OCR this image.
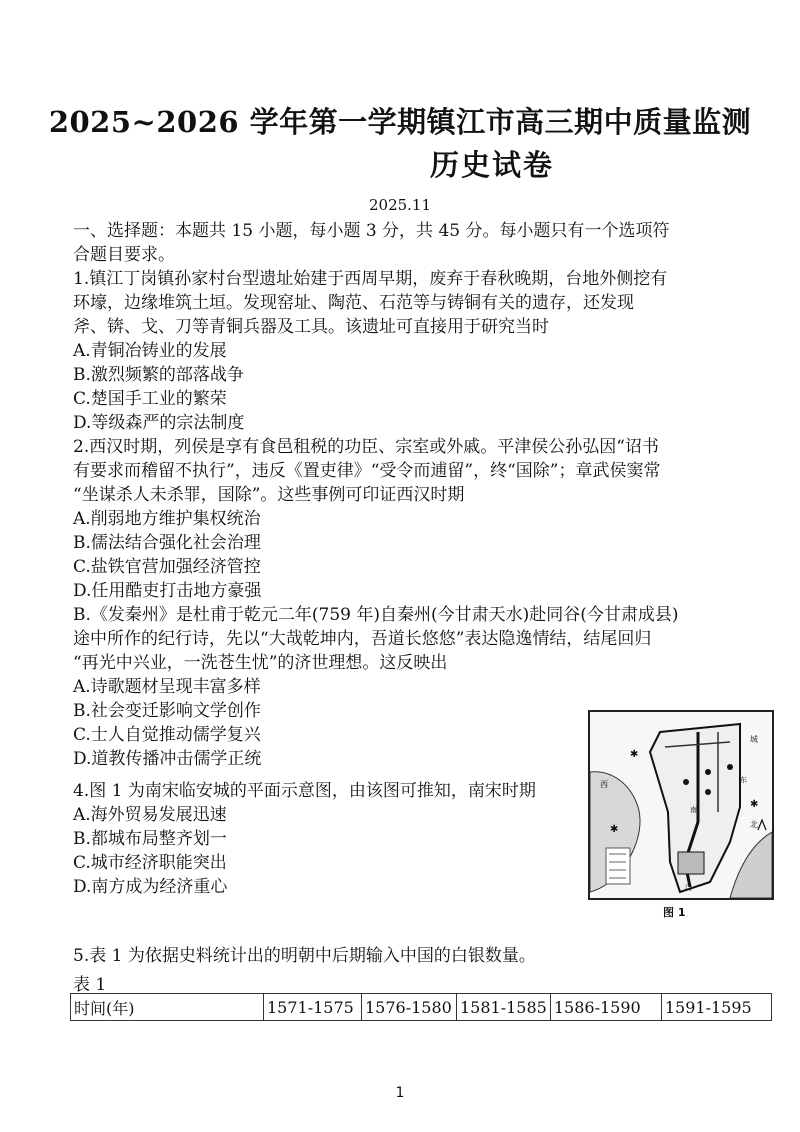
2025~2026 学年第一学期镇江市高三期中质量监测
历史试卷
2025.11
一、选择题：本题共 15 小题，每小题 3 分，共 45 分。每小题只有一个选项符
合题目要求。
1.镇江丁岗镇孙家村台型遗址始建于西周早期，废弃于春秋晚期，台地外侧挖有
环壕，边缘堆筑土垣。发现窑址、陶范、石范等与铸铜有关的遗存，还发现
斧、锛、戈、刀等青铜兵器及工具。该遗址可直接用于研究当时
A.青铜冶铸业的发展
B.激烈频繁的部落战争
C.楚国手工业的繁荣
D.等级森严的宗法制度
2.西汉时期，列侯是享有食邑租税的功臣、宗室或外戚。平津侯公孙弘因“诏书
有要求而稽留不执行”，违反《置吏律》“受令而逋留”，终“国除”；章武侯窦常
“坐谋杀人未杀罪，国除”。这些事例可印证西汉时期
A.削弱地方维护集权统治
B.儒法结合强化社会治理
C.盐铁官营加强经济管控
D.任用酷吏打击地方豪强
B.《发秦州》是杜甫于乾元二年(759 年)自秦州(今甘肃天水)赴同谷(今甘肃成县)
途中所作的纪行诗，先以“大哉乾坤内，吾道长悠悠”表达隐逸情结，结尾回归
“再光中兴业，一洗苍生忧”的济世理想。这反映出
A.诗歌题材呈现丰富多样
B.社会变迁影响文学创作
C.士人自觉推动儒学复兴
D.道教传播冲击儒学正统
4.图 1 为南宋临安城的平面示意图，由该图可推知，南宋时期
A.海外贸易发展迅速
B.都城布局整齐划一
C.城市经济职能突出
D.南方成为经济重心
✱
✱
✱
北
城
西
南
东
门
图 1
5.表 1 为依据史料统计出的明朝中后期输入中国的白银数量。
表 1
时间(年)	1571-1575	1576-1580	1581-1585	1586-1590	1591-1595
1
